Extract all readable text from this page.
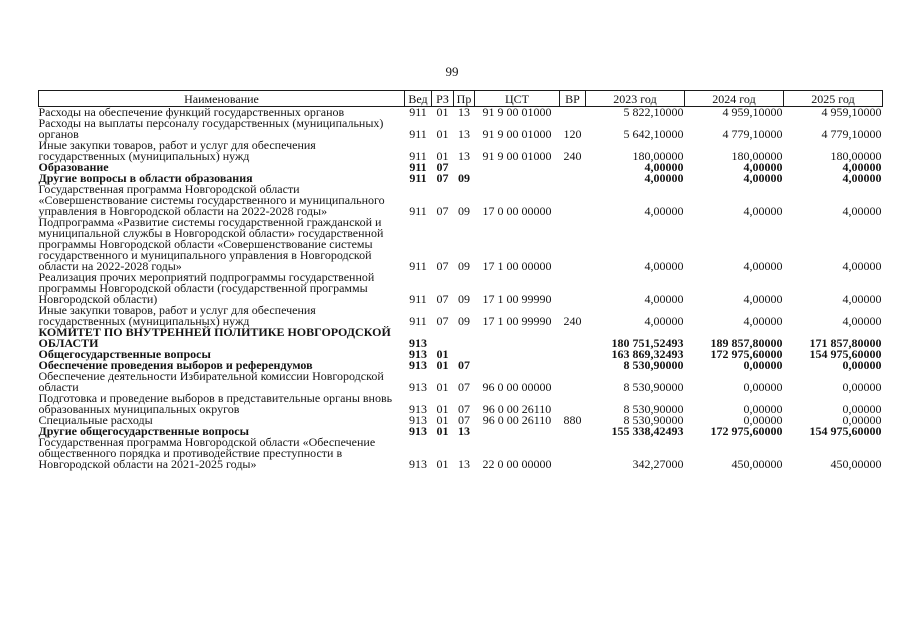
99
Наименование	Вед	РЗ	Пр	ЦСТ	ВР	2023 год	2024 год	2025 год
Расходы на обеспечение функций государственных органов	911	01	13	91 9 00 01000		5 822,10000	4 959,10000	4 959,10000
Расходы на выплаты персоналу государственных (муниципальных) органов	911	01	13	91 9 00 01000	120	5 642,10000	4 779,10000	4 779,10000
Иные закупки товаров, работ и услуг для обеспечения государственных (муниципальных) нужд	911	01	13	91 9 00 01000	240	180,00000	180,00000	180,00000
Образование	911	07				4,00000	4,00000	4,00000
Другие вопросы в области образования	911	07	09			4,00000	4,00000	4,00000
Государственная программа Новгородской области «Совершенствование системы государственного и муниципального управления в Новгородской области на 2022-2028 годы»	911	07	09	17 0 00 00000		4,00000	4,00000	4,00000
Подпрограмма «Развитие системы государственной гражданской и муниципальной службы в Новгородской области» государственной программы Новгородской области «Совершенствование системы государственного и муниципального управления в Новгородской области на 2022-2028 годы»	911	07	09	17 1 00 00000		4,00000	4,00000	4,00000
Реализация прочих мероприятий подпрограммы государственной программы Новгородской области (государственной программы Новгородской области)	911	07	09	17 1 00 99990		4,00000	4,00000	4,00000
Иные закупки товаров, работ и услуг для обеспечения государственных (муниципальных) нужд	911	07	09	17 1 00 99990	240	4,00000	4,00000	4,00000
КОМИТЕТ ПО ВНУТРЕННЕЙ ПОЛИТИКЕ НОВГОРОДСКОЙ ОБЛАСТИ	913					180 751,52493	189 857,80000	171 857,80000
Общегосударственные вопросы	913	01				163 869,32493	172 975,60000	154 975,60000
Обеспечение проведения выборов и референдумов	913	01	07			8 530,90000	0,00000	0,00000
Обеспечение деятельности Избирательной комиссии Новгородской области	913	01	07	96 0 00 00000		8 530,90000	0,00000	0,00000
Подготовка и проведение выборов в представительные органы вновь образованных муниципальных округов	913	01	07	96 0 00 26110		8 530,90000	0,00000	0,00000
Специальные расходы	913	01	07	96 0 00 26110	880	8 530,90000	0,00000	0,00000
Другие общегосударственные вопросы	913	01	13			155 338,42493	172 975,60000	154 975,60000
Государственная программа Новгородской области «Обеспечение общественного порядка и противодействие преступности в Новгородской области на 2021-2025 годы»	913	01	13	22 0 00 00000		342,27000	450,00000	450,00000
